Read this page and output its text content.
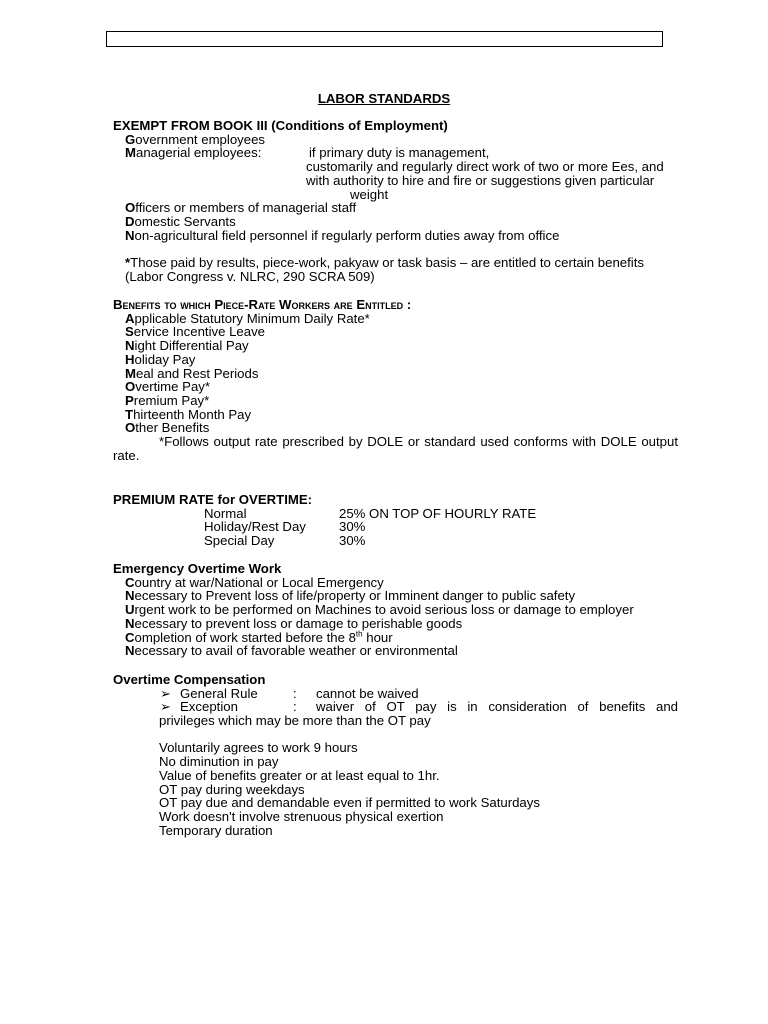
LABOR STANDARDS
EXEMPT FROM BOOK III (Conditions of Employment)
Government employees
Managerial employees:	if primary duty is management,
customarily and regularly direct work of two or more Ees, and
with authority to hire and fire or suggestions given particular
weight
Officers or members of managerial staff
Domestic Servants
Non-agricultural field personnel if regularly perform duties away from office

*Those paid by results, piece-work, pakyaw or task basis – are entitled to certain benefits
(Labor Congress v. NLRC, 290 SCRA 509)
Benefits to which Piece-Rate Workers are Entitled :
Applicable Statutory Minimum Daily Rate*
Service Incentive Leave
Night Differential Pay
Holiday Pay
Meal and Rest Periods
Overtime Pay*
Premium Pay*
Thirteenth Month Pay
Other Benefits
*Follows output rate prescribed by DOLE or standard used conforms with DOLE output rate.
PREMIUM RATE for OVERTIME:
Normal	25% ON TOP OF HOURLY RATE
Holiday/Rest Day	30%
Special Day	30%
Emergency Overtime Work
Country at war/National or Local Emergency
Necessary to Prevent loss of life/property or Imminent danger to public safety
Urgent work to be performed on Machines to avoid serious loss or damage to employer
Necessary to prevent loss or damage to perishable goods
Completion of work started before the 8th hour
Necessary to avail of favorable weather or environmental
Overtime Compensation
➢ General Rule	: cannot be waived
➢ Exception	: waiver of OT pay is in consideration of benefits and
privileges which may be more than the OT pay

Voluntarily agrees to work 9 hours
No diminution in pay
Value of benefits greater or at least equal to 1hr.
OT pay during weekdays
OT pay due and demandable even if permitted to work Saturdays
Work doesn't involve strenuous physical exertion
Temporary duration
